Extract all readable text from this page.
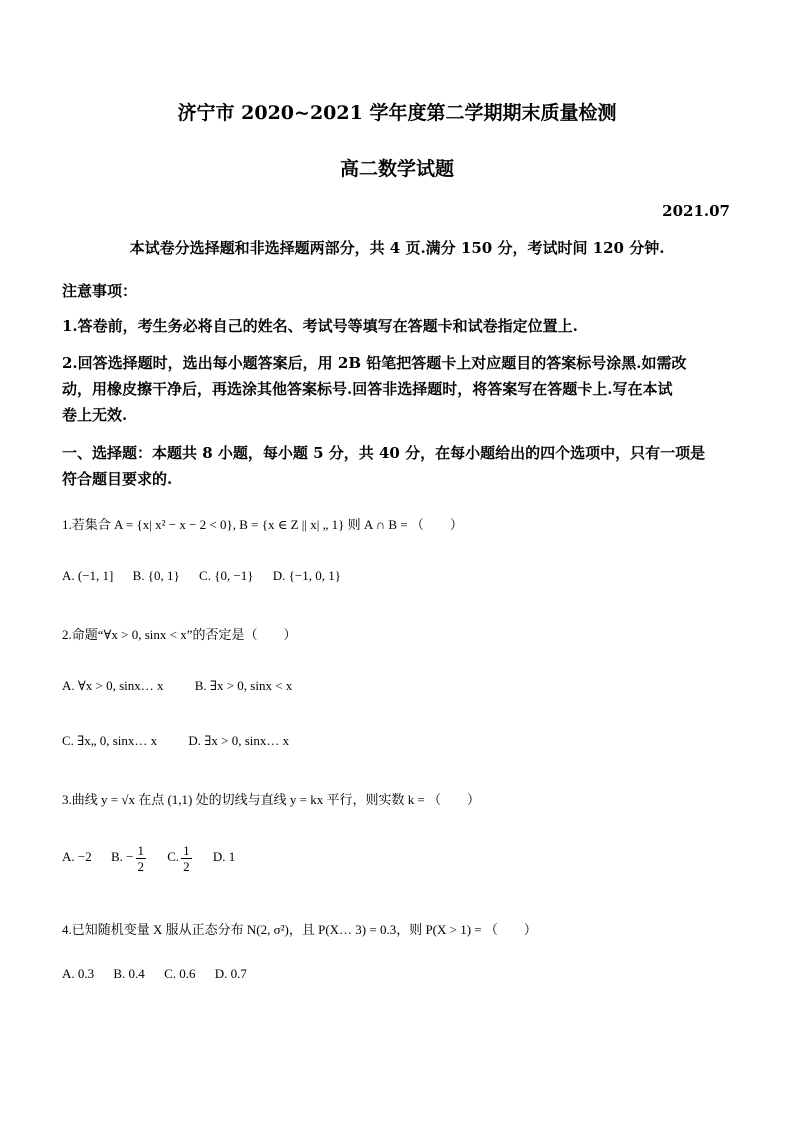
济宁市 2020~2021 学年度第二学期期末质量检测
高二数学试题
2021.07
本试卷分选择题和非选择题两部分，共 4 页.满分 150 分，考试时间 120 分钟.
注意事项：
1.答卷前，考生务必将自己的姓名、考试号等填写在答题卡和试卷指定位置上.
2.回答选择题时，选出每小题答案后，用 2B 铅笔把答题卡上对应题目的答案标号涂黑.如需改
动，用橡皮擦干净后，再选涂其他答案标号.回答非选择题时，将答案写在答题卡上.写在本试
卷上无效.
一、选择题：本题共 8 小题，每小题 5 分，共 40 分，在每小题给出的四个选项中，只有一项是
符合题目要求的.
1.若集合 A = {x| x² − x − 2 < 0}, B = {x ∈ Z || x| „ 1} 则 A ∩ B = （　　）
A. (−1, 1] B. {0, 1} C. {0, −1} D. {−1, 0, 1}
2.命题“∀x > 0, sinx < x”的否定是（　　）
A. ∀x > 0, sinx… x B. ∃x > 0, sinx < x
C. ∃x„ 0, sinx… x D. ∃x > 0, sinx… x
3.曲线 y = √x 在点 (1,1) 处的切线与直线 y = kx 平行，则实数 k = （　　）
A. −2 B. − $\frac{1}{2} C$. $\frac{1}{2} D$. 1
4.已知随机变量 X 服从正态分布 N(2, σ²)，且 P(X… 3) = 0.3，则 P(X > 1) = （　　）
A. 0.3 B. 0.4 C. 0.6 D. 0.7
